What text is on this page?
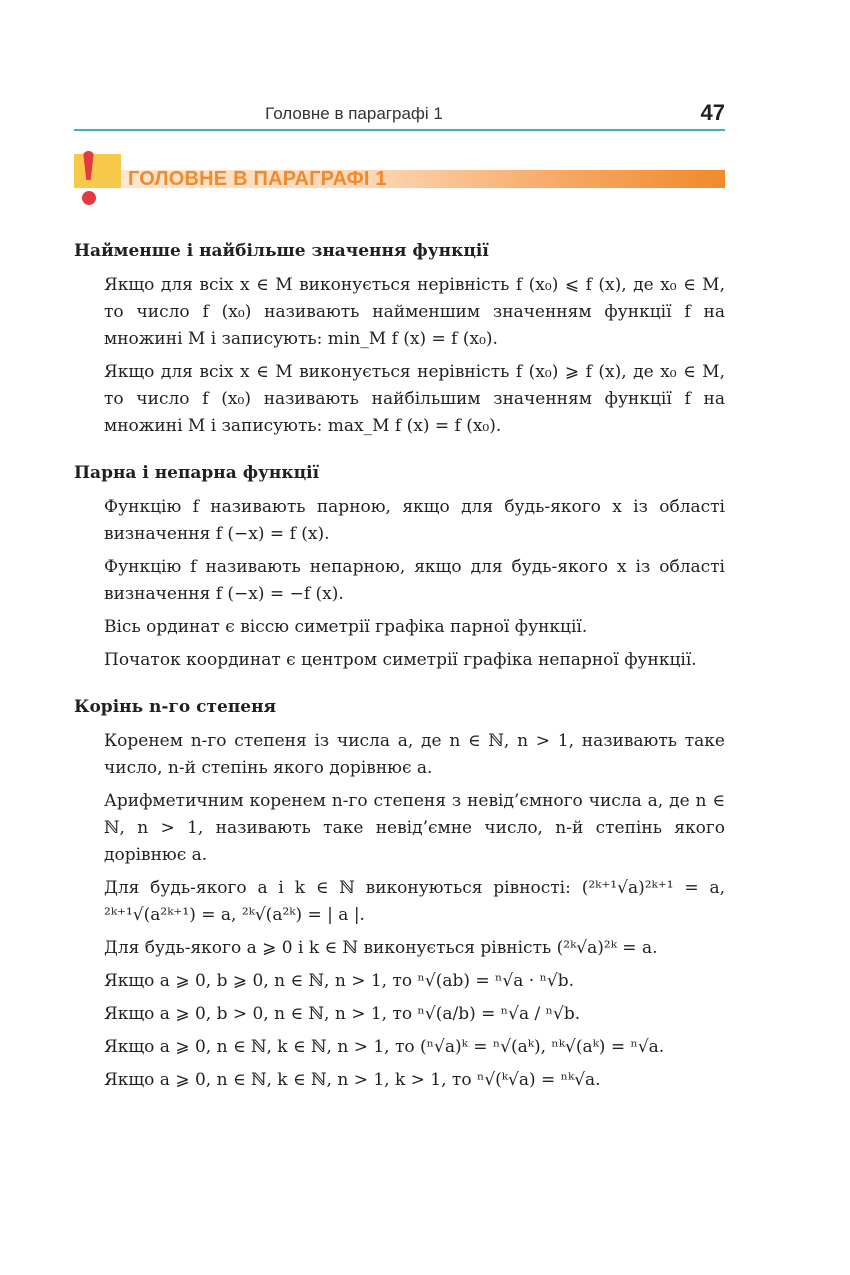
Головне в параграфі 1	47
ГОЛОВНЕ В ПАРАГРАФІ 1
Найменше і найбільше значення функції

Якщо для всіх x ∈ M виконується нерівність f (x₀) ⩽ f (x), де x₀ ∈ M, то число f (x₀) називають найменшим значенням функції f на множині M і записують: min_M f (x) = f (x₀).

Якщо для всіх x ∈ M виконується нерівність f (x₀) ⩾ f (x), де x₀ ∈ M, то число f (x₀) називають найбільшим значенням функції f на множині M і записують: max_M f (x) = f (x₀).

Парна і непарна функції

Функцію f називають парною, якщо для будь-якого x із області визначення f (−x) = f (x).

Функцію f називають непарною, якщо для будь-якого x із області визначення f (−x) = −f (x).

Вісь ординат є віссю симетрії графіка парної функції.

Початок координат є центром симетрії графіка непарної функції.

Корінь n-го степеня

Коренем n-го степеня із числа a, де n ∈ ℕ, n > 1, називають таке число, n-й степінь якого дорівнює a.

Арифметичним коренем n-го степеня з невід’ємного числа a, де n ∈ ℕ, n > 1, називають таке невід’ємне число, n-й степінь якого дорівнює a.

Для будь-якого a і k ∈ ℕ виконуються рівності: (²ᵏ⁺¹√a)²ᵏ⁺¹ = a, ²ᵏ⁺¹√(a²ᵏ⁺¹) = a, ²ᵏ√(a²ᵏ) = | a |.

Для будь-якого a ⩾ 0 і k ∈ ℕ виконується рівність (²ᵏ√a)²ᵏ = a.

Якщо a ⩾ 0, b ⩾ 0, n ∈ ℕ, n > 1, то ⁿ√(ab) = ⁿ√a · ⁿ√b.

Якщо a ⩾ 0, b > 0, n ∈ ℕ, n > 1, то ⁿ√(a/b) = ⁿ√a / ⁿ√b.

Якщо a ⩾ 0, n ∈ ℕ, k ∈ ℕ, n > 1, то (ⁿ√a)ᵏ = ⁿ√(aᵏ), ⁿᵏ√(aᵏ) = ⁿ√a.

Якщо a ⩾ 0, n ∈ ℕ, k ∈ ℕ, n > 1, k > 1, то ⁿ√(ᵏ√a) = ⁿᵏ√a.
